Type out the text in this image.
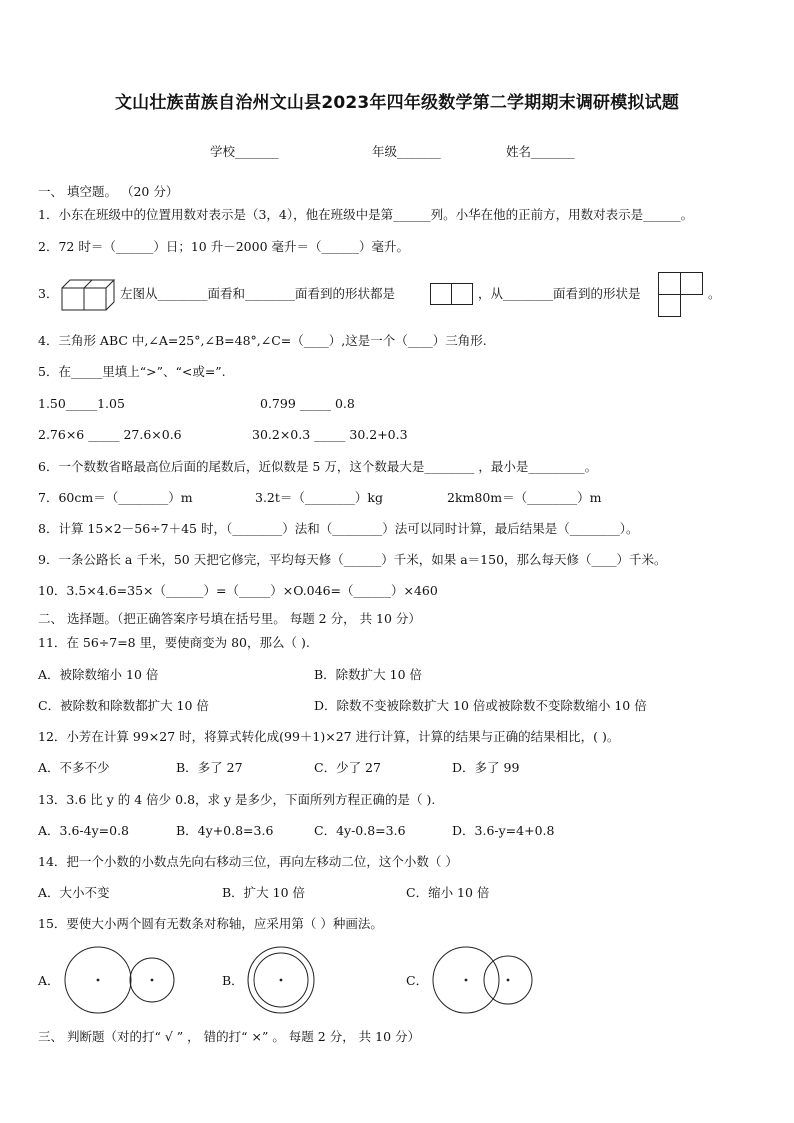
文山壮族苗族自治州文山县2023年四年级数学第二学期期末调研模拟试题
学校_______	年级_______	姓名_______
一、 填空题。 （20 分）
1．小东在班级中的位置用数对表示是（3，4），他在班级中是第______列。小华在他的正前方，用数对表示是______。
2．72 时＝（______）日；10 升－2000 毫升＝（______）毫升。
3．	左图从________面看和________面看到的形状都是	，从________面看到的形状是	。
4．三角形 ABC 中,∠A=25°,∠B=48°,∠C=（____）,这是一个（____）三角形.
5．在_____里填上“>”、“<或=”.
1.50_____1.05	0.799 _____ 0.8
2.76×6 _____ 27.6×0.6	30.2×0.3 _____ 30.2+0.3
6．一个数数省略最高位后面的尾数后，近似数是 5 万，这个数最大是________ ，最小是_________。
7．60cm＝（________）m	3.2t＝（________）kg	2km80m＝（________）m
8．计算 15×2－56÷7＋45 时，（________）法和（________）法可以同时计算，最后结果是（________）。
9．一条公路长 a 千米，50 天把它修完，平均每天修（______）千米，如果 a＝150，那么每天修（____）千米。
10．3.5×4.6=35×（______）=（_____）×O.046=（______）×460
二、 选择题。（把正确答案序号填在括号里。 每题 2 分， 共 10 分）
11．在 56÷7=8 里，要使商变为 80，那么（ ).
A．被除数缩小 10 倍	B．除数扩大 10 倍
C．被除数和除数都扩大 10 倍	D．除数不变被除数扩大 10 倍或被除数不变除数缩小 10 倍
12．小芳在计算 99×27 时，将算式转化成(99＋1)×27 进行计算，计算的结果与正确的结果相比，( )。
A．不多不少	B．多了 27	C．少了 27	D．多了 99
13．3.6 比 y 的 4 倍少 0.8，求 y 是多少，下面所列方程正确的是（ ).
A．3.6-4y=0.8	B．4y+0.8=3.6	C．4y-0.8=3.6	D．3.6-y=4+0.8
14．把一个小数的小数点先向右移动三位，再向左移动二位，这个小数（ ）
A．大小不变	B．扩大 10 倍	C．缩小 10 倍
15．要使大小两个圆有无数条对称轴，应采用第（ ）种画法。
A．	B．	C．
三、 判断题（对的打“ √ ” ， 错的打“ ×” 。 每题 2 分， 共 10 分）
